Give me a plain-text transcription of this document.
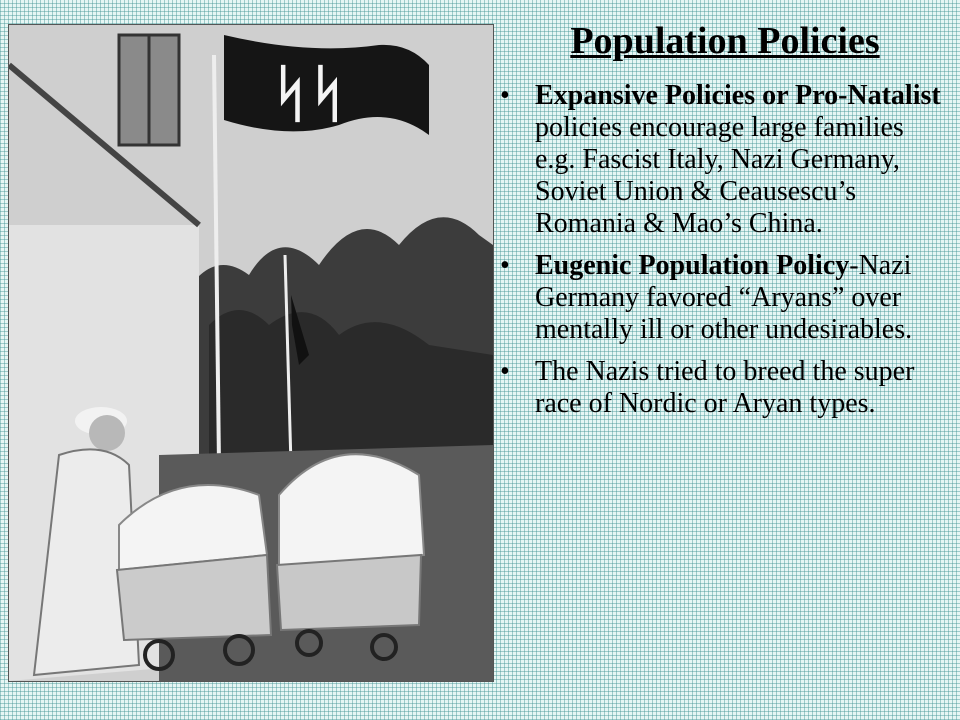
ᛋᛋ
Population Policies
• Expansive Policies or Pro-Natalist policies encourage large families e.g. Fascist Italy, Nazi Germany, Soviet Union & Ceausescu’s Romania & Mao’s China.
• Eugenic Population Policy-Nazi Germany favored “Aryans” over mentally ill or other undesirables.
• The Nazis tried to breed the super race of Nordic or Aryan types.
